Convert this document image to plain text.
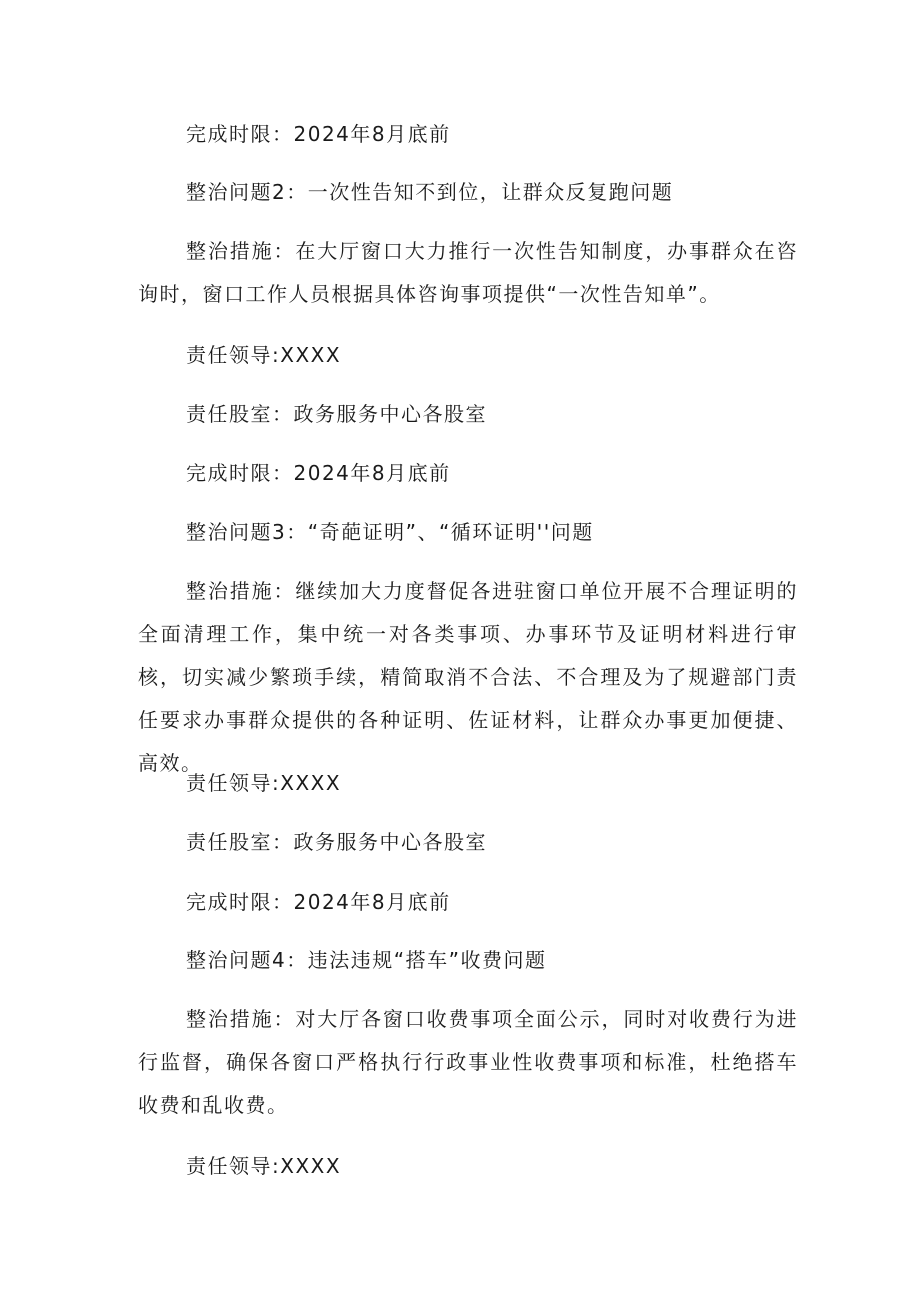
完成时限：2024年8月底前
整治问题2：一次性告知不到位，让群众反复跑问题
整治措施：在大厅窗口大力推行一次性告知制度，办事群众在咨询时，窗口工作人员根据具体咨询事项提供“一次性告知单”。
责任领导:XXXX
责任股室：政务服务中心各股室
完成时限：2024年8月底前
整治问题3：“奇葩证明”、“循环证明''问题
整治措施：继续加大力度督促各进驻窗口单位开展不合理证明的全面清理工作，集中统一对各类事项、办事环节及证明材料进行审核，切实减少繁琐手续，精简取消不合法、不合理及为了规避部门责任要求办事群众提供的各种证明、佐证材料，让群众办事更加便捷、高效。
责任领导:XXXX
责任股室：政务服务中心各股室
完成时限：2024年8月底前
整治问题4：违法违规“搭车”收费问题
整治措施：对大厅各窗口收费事项全面公示，同时对收费行为进行监督，确保各窗口严格执行行政事业性收费事项和标准，杜绝搭车收费和乱收费。
责任领导:XXXX
